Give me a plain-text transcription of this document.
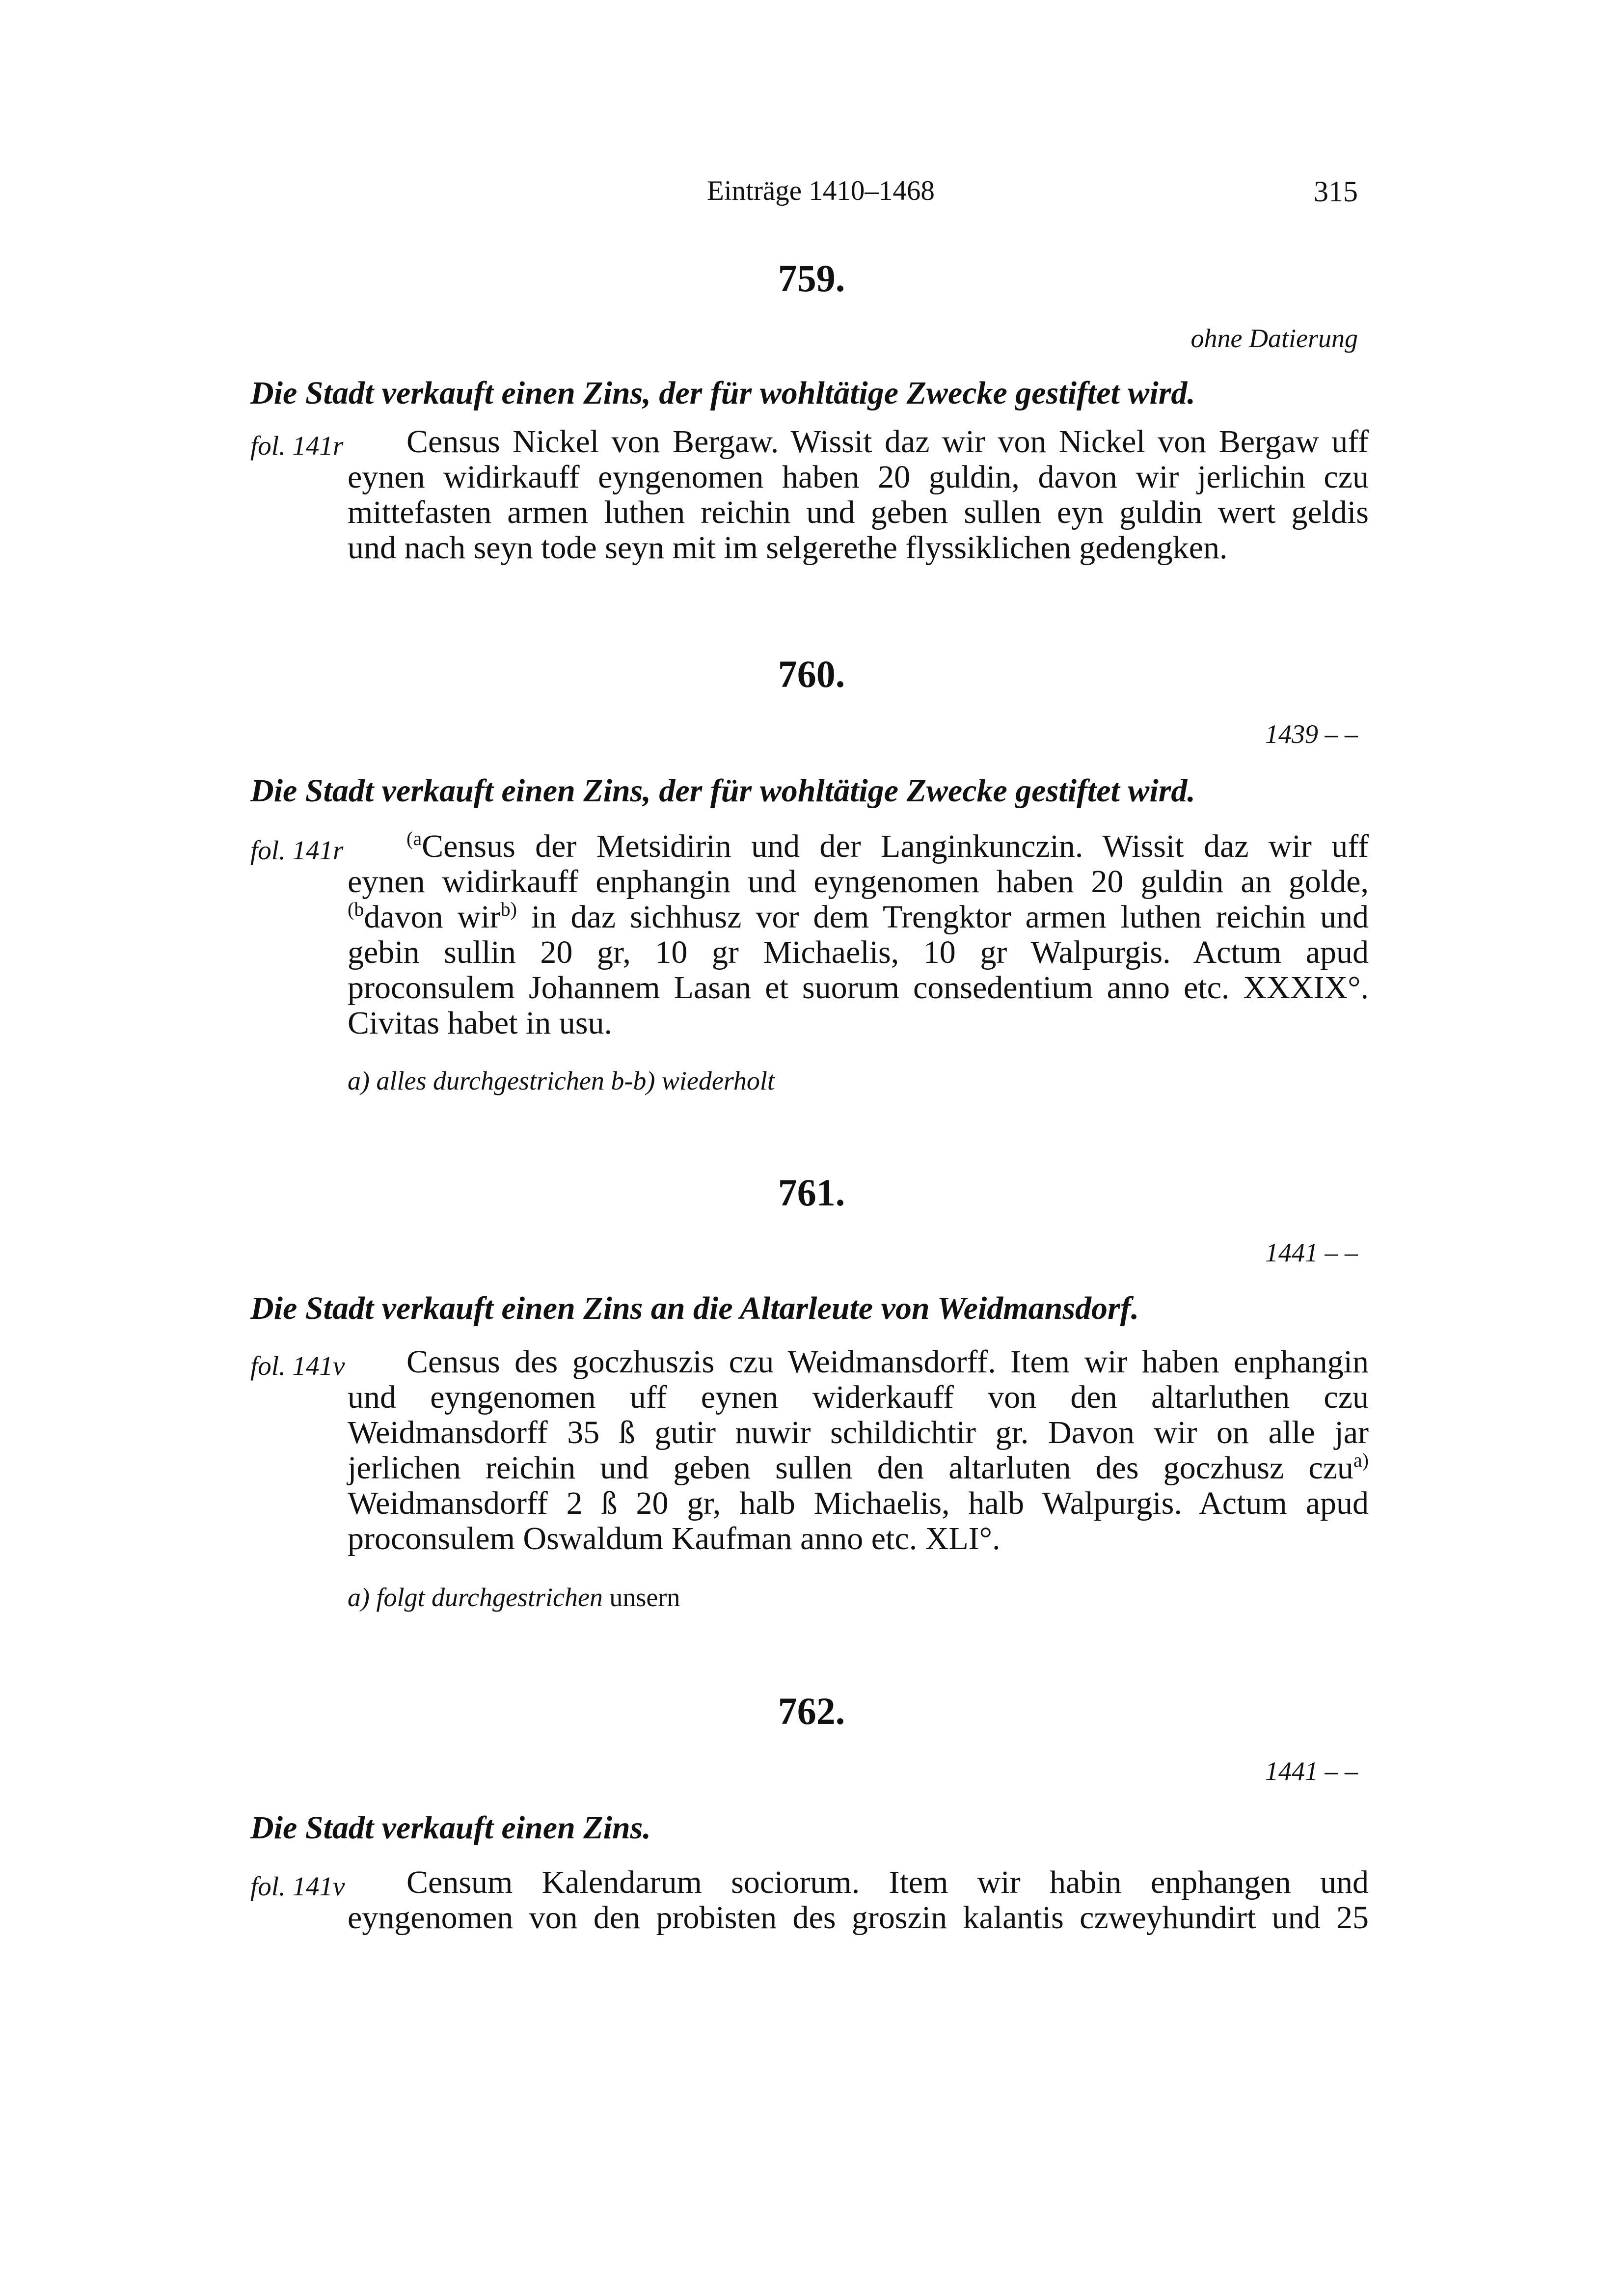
Einträge 1410–1468	315
759.
ohne Datierung
Die Stadt verkauft einen Zins, der für wohltätige Zwecke gestiftet wird.
fol. 141r	Census Nickel von Bergaw. Wissit daz wir von Nickel von Bergaw uff
eynen widirkauff eyngenomen haben 20 guldin, davon wir jerlichin czu
mittefasten armen luthen reichin und geben sullen eyn guldin wert geldis
und nach seyn tode seyn mit im selgerethe flyssiklichen gedengken.
760.
1439 – –
Die Stadt verkauft einen Zins, der für wohltätige Zwecke gestiftet wird.
fol. 141r	$^{(a}$Census der Metsidirin und der Langinkunczin. Wissit daz wir uff
eynen widirkauff enphangin und eyngenomen haben 20 guldin an golde,
$^{(b}$davon wir$^{b)}$ in daz sichhusz vor dem Trengktor armen luthen reichin und
gebin sullin 20 gr, 10 gr Michaelis, 10 gr Walpurgis. Actum apud
proconsulem Johannem Lasan et suorum consedentium anno etc. XXXIX°.
Civitas habet in usu.
a) alles durchgestrichen b-b) wiederholt
761.
1441 – –
Die Stadt verkauft einen Zins an die Altarleute von Weidmansdorf.
fol. 141v	Census des goczhuszis czu Weidmansdorff. Item wir haben enphangin
und eyngenomen uff eynen widerkauff von den altarluthen czu
Weidmansdorff 35 ß gutir nuwir schildichtir gr. Davon wir on alle jar
jerlichen reichin und geben sullen den altarluten des goczhusz czu$^{a)}$
Weidmansdorff 2 ß 20 gr, halb Michaelis, halb Walpurgis. Actum apud
proconsulem Oswaldum Kaufman anno etc. XLI°.
a) folgt durchgestrichen unsern
762.
1441 – –
Die Stadt verkauft einen Zins.
fol. 141v	Censum Kalendarum sociorum. Item wir habin enphangen und
eyngenomen von den probisten des groszin kalantis czweyhundirt und 25
